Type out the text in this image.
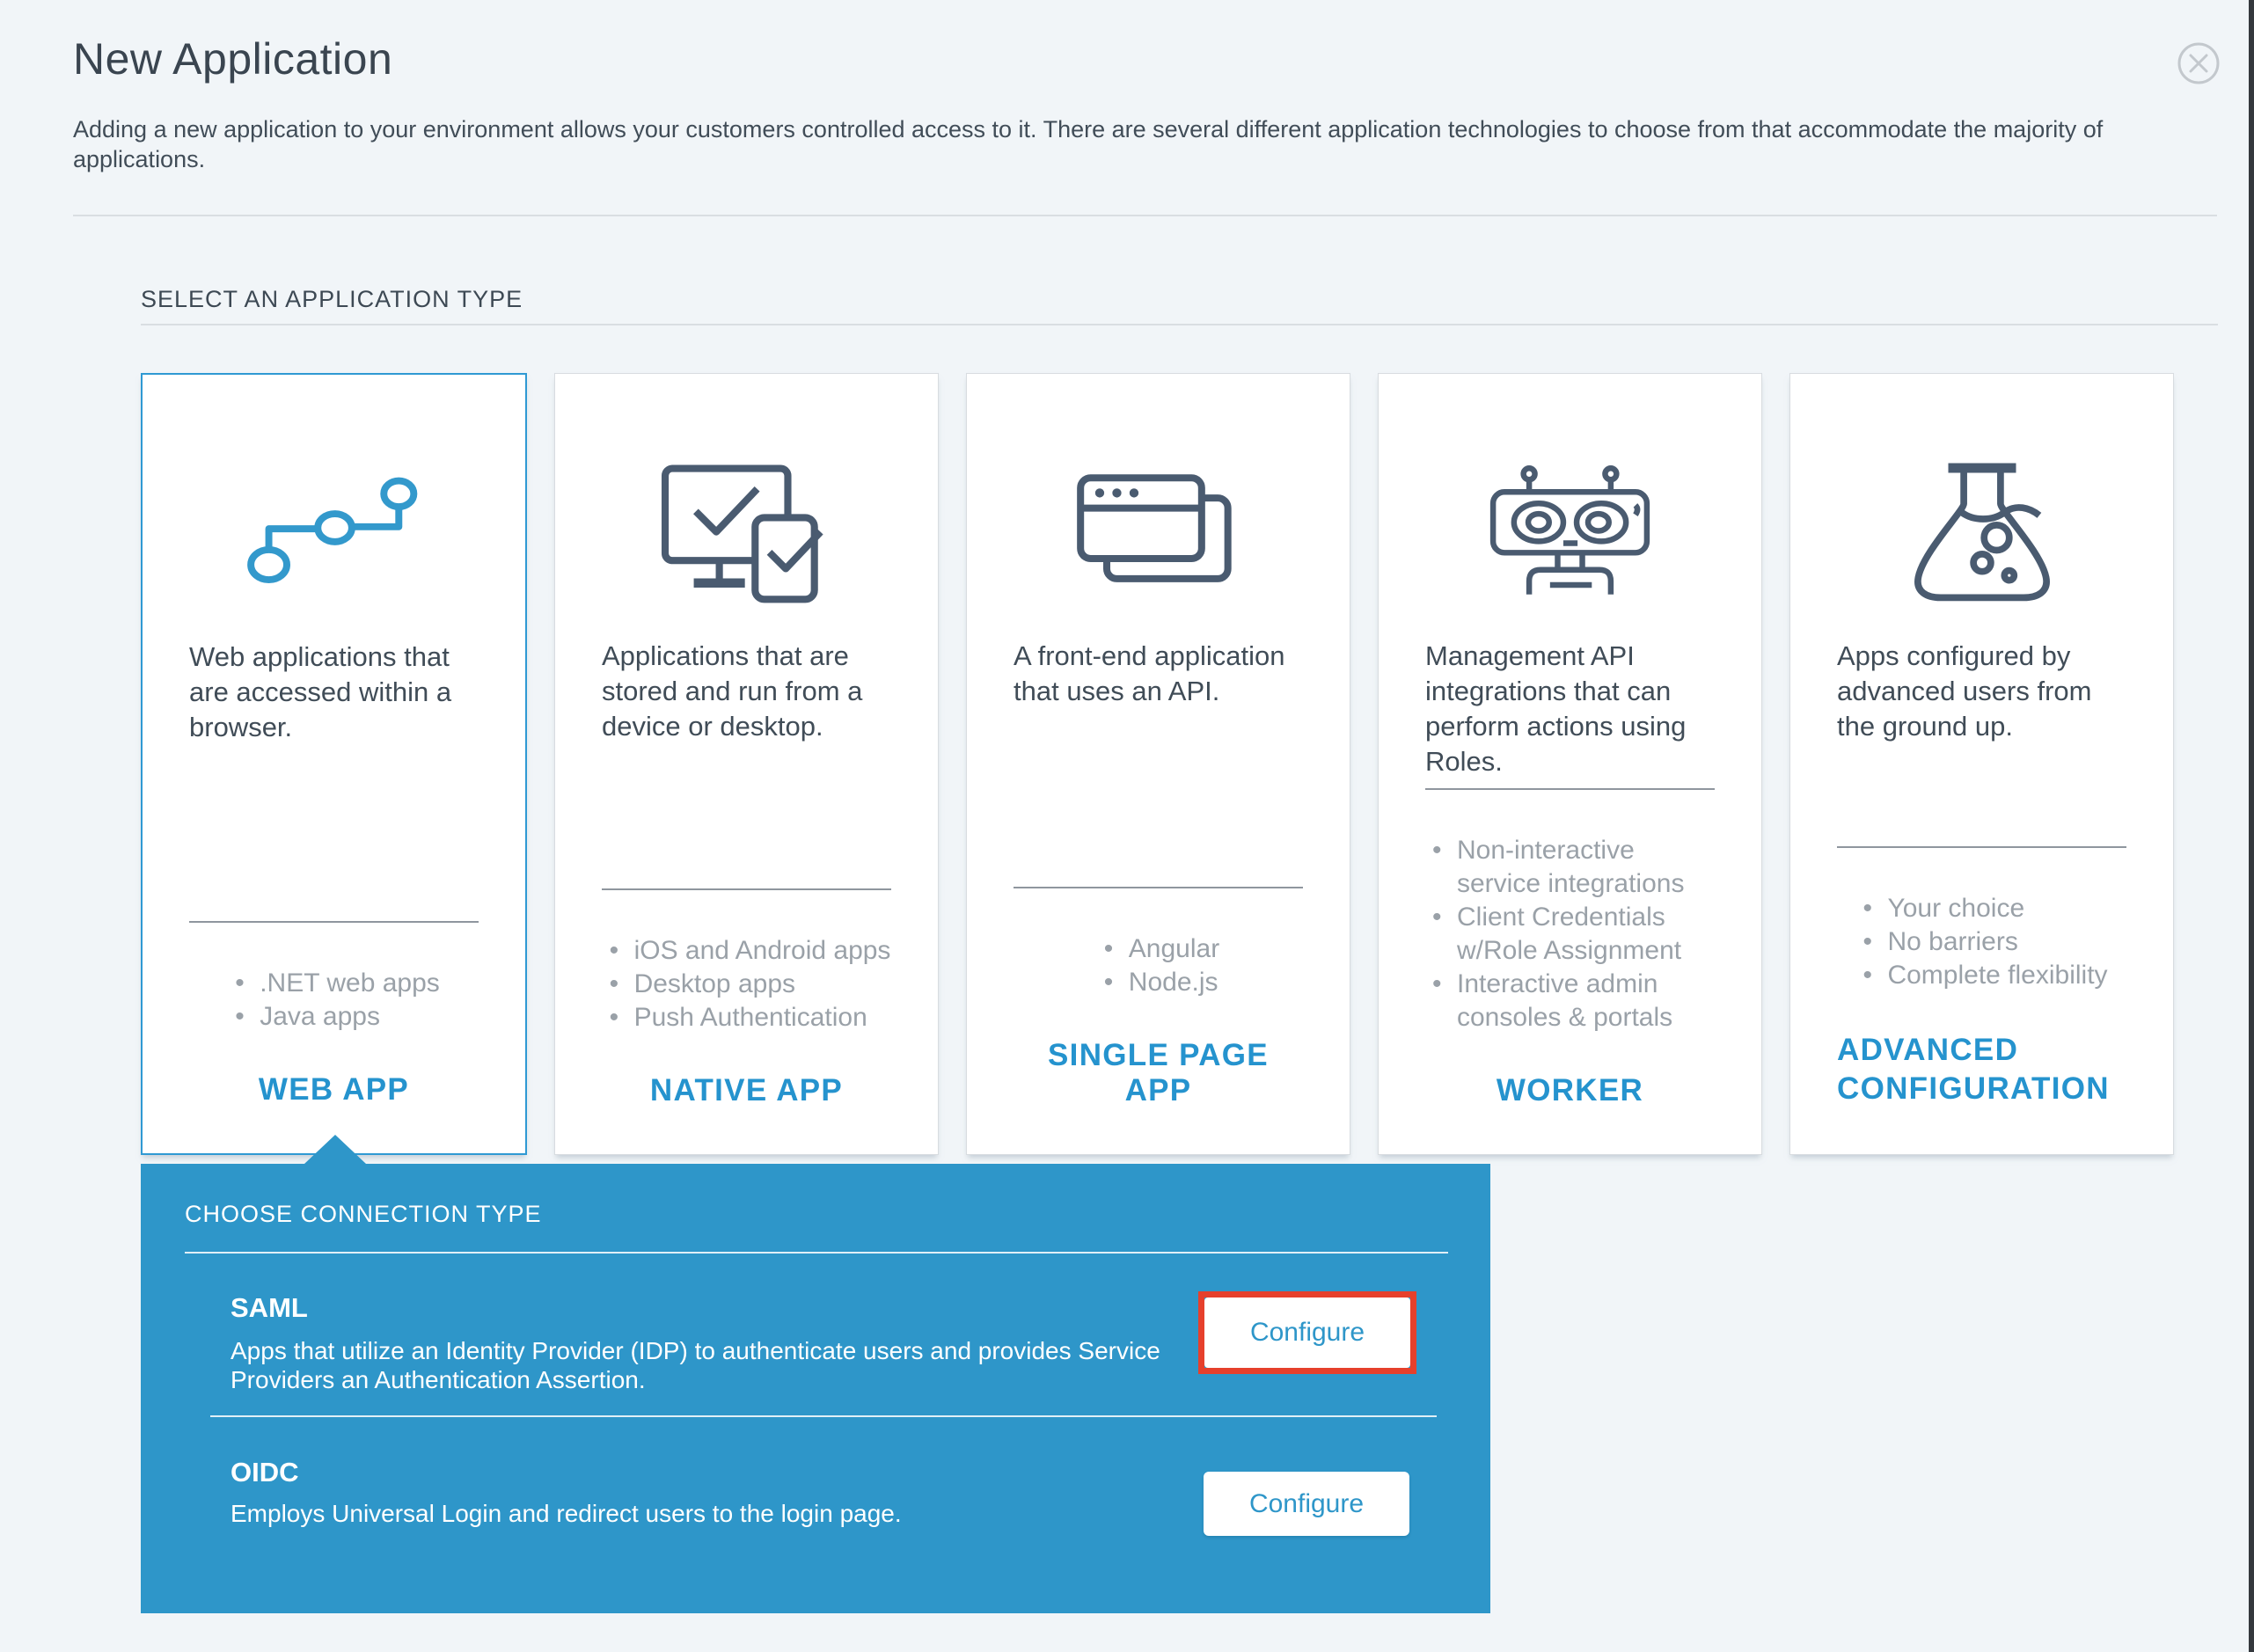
New Application
Adding a new application to your environment allows your customers controlled access to it. There are several different application technologies to choose from that accommodate the majority of applications.
SELECT AN APPLICATION TYPE
Web applications that are accessed within a browser.
• .NET web apps
• Java apps
WEB APP
Applications that are stored and run from a device or desktop.
• iOS and Android apps
• Desktop apps
• Push Authentication
NATIVE APP
A front-end application that uses an API.
• Angular
• Node.js
SINGLE PAGE APP
Management API integrations that can perform actions using Roles.
• Non-interactive service integrations
• Client Credentials w/Role Assignment
• Interactive admin consoles & portals
WORKER
Apps configured by advanced users from the ground up.
• Your choice
• No barriers
• Complete flexibility
ADVANCED CONFIGURATION
CHOOSE CONNECTION TYPE
SAML
Apps that utilize an Identity Provider (IDP) to authenticate users and provides Service Providers an Authentication Assertion.
Configure
OIDC
Employs Universal Login and redirect users to the login page.	Configure
